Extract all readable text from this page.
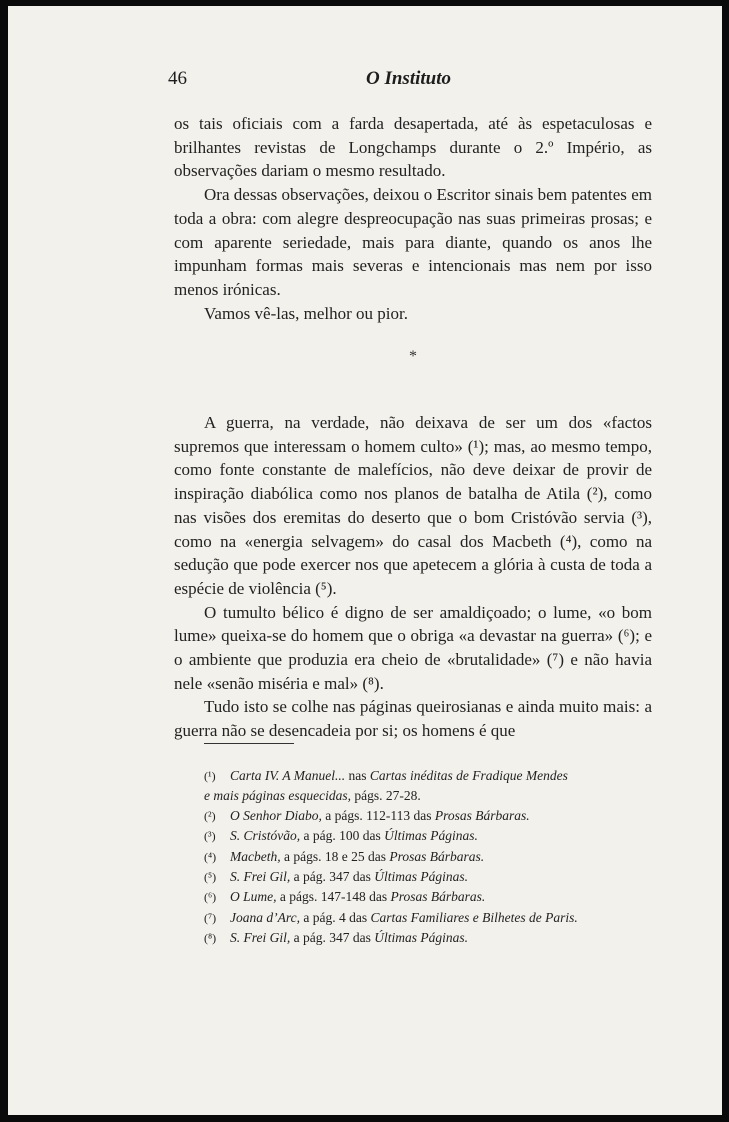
46	O Instituto

os tais oficiais com a farda desapertada, até às espetaculosas e brilhantes revistas de Longchamps durante o 2.º Império, as observações dariam o mesmo resultado.

Ora dessas observações, deixou o Escritor sinais bem patentes em toda a obra: com alegre despreocupação nas suas primeiras prosas; e com aparente seriedade, mais para diante, quando os anos lhe impunham formas mais severas e intencionais mas nem por isso menos irónicas.

Vamos vê-las, melhor ou pior.

*

A guerra, na verdade, não deixava de ser um dos «factos supremos que interessam o homem culto» (¹); mas, ao mesmo tempo, como fonte constante de malefícios, não deve deixar de provir de inspiração diabólica como nos planos de batalha de Atila (²), como nas visões dos eremitas do deserto que o bom Cristóvão servia (³), como na «energia selvagem» do casal dos Macbeth (⁴), como na sedução que pode exercer nos que apetecem a glória à custa de toda a espécie de violência (⁵).

O tumulto bélico é digno de ser amaldiçoado; o lume, «o bom lume» queixa-se do homem que o obriga «a devastar na guerra» (⁶); e o ambiente que produzia era cheio de «brutalidade» (⁷) e não havia nele «senão miséria e mal» (⁸).

Tudo isto se colhe nas páginas queirosianas e ainda muito mais: a guerra não se desencadeia por si; os homens é que

(¹) Carta IV. A Manuel... nas Cartas inéditas de Fradique Mendes

e mais páginas esquecidas, págs. 27-28.

(²) O Senhor Diabo, a págs. 112-113 das Prosas Bárbaras.

(³) S. Cristóvão, a pág. 100 das Últimas Páginas.

(⁴) Macbeth, a págs. 18 e 25 das Prosas Bárbaras.

(⁵) S. Frei Gil, a pág. 347 das Últimas Páginas.

(⁶) O Lume, a págs. 147-148 das Prosas Bárbaras.

(⁷) Joana d’Arc, a pág. 4 das Cartas Familiares e Bilhetes de Paris.

(⁸) S. Frei Gil, a pág. 347 das Últimas Páginas.
